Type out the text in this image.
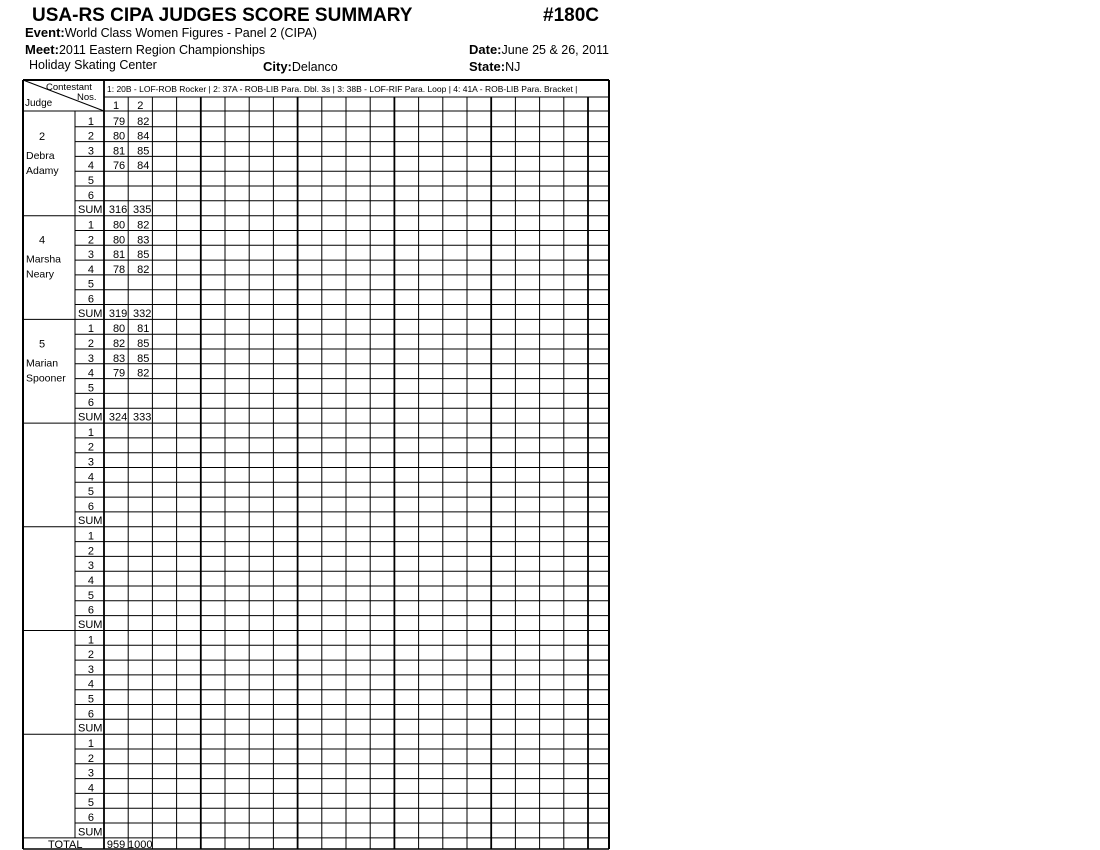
USA-RS CIPA JUDGES SCORE SUMMARY	#180C
Event:World Class Women Figures - Panel 2 (CIPA)
Meet:2011 Eastern Region Championships	Date:June 25 & 26, 2011
Holiday Skating Center	City:Delanco	State:NJ
Contestant
Nos.
Judge
1: 20B - LOF-ROB Rocker | 2: 37A - ROB-LIB Para. Dbl. 3s | 3: 38B - LOF-RIF Para. Loop | 4: 41A - ROB-LIB Para. Bracket |
1 2
2
Debra
Adamy
1 79 82
2 80 84
3 81 85
4 76 84
5
6
SUM 316 335
4
Marsha
Neary
1 80 82
2 80 83
3 81 85
4 78 82
5
6
SUM 319 332
5
Marian
Spooner
1 80 81
2 82 85
3 83 85
4 79 82
5
6
SUM 324 333
1
2
3
4
5
6
SUM
1
2
3
4
5
6
SUM
1
2
3
4
5
6
SUM
1
2
3
4
5
6
SUM
TOTAL 959 1000
